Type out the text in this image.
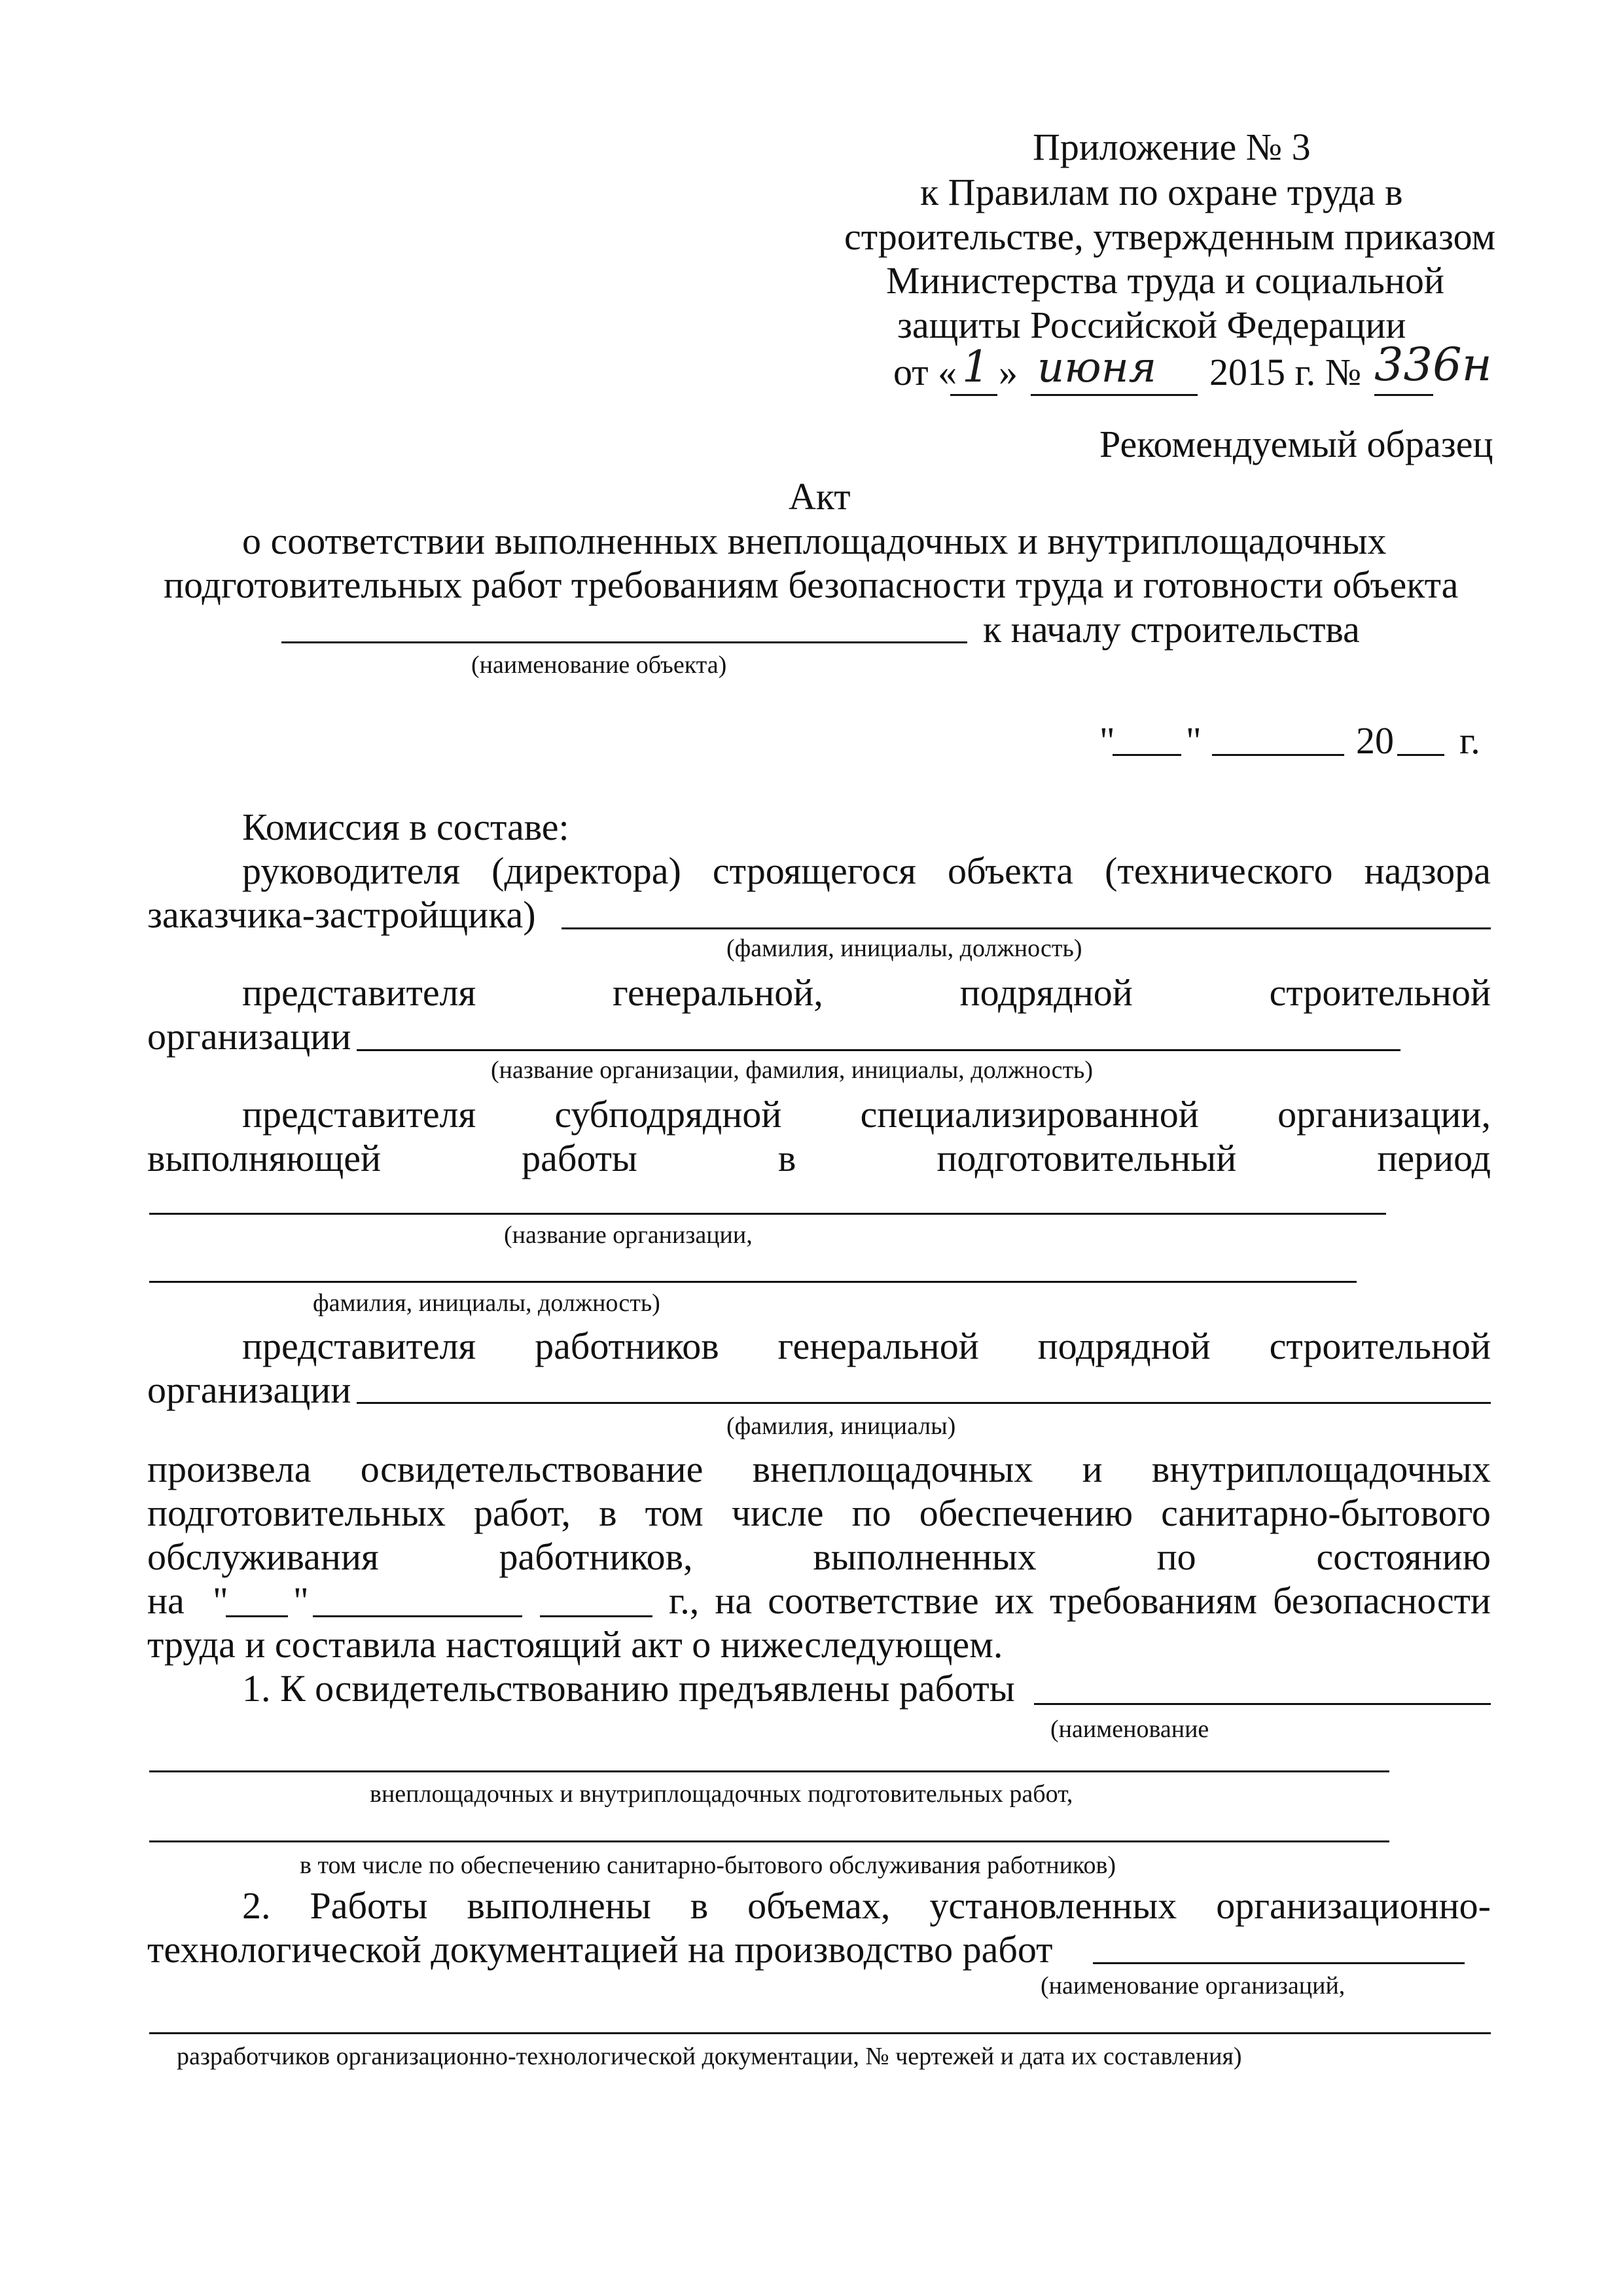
Приложение № 3
к Правилам по охране труда в
строительстве, утвержденным приказом
Министерства труда и социальной
защиты Российской Федерации
от « 1 » июня 2015 г. № 336н
Рекомендуемый образец
Акт
о соответствии выполненных внеплощадочных и внутриплощадочных
подготовительных работ требованиям безопасности труда и готовности объекта
к началу строительства
(наименование объекта)
" "	20 г.
Комиссия в составе:
руководителя (директора) строящегося объекта (технического надзора
заказчика-застройщика)
(фамилия, инициалы, должность)
представителя	генеральной,	подрядной	строительной
организации
(название организации, фамилия, инициалы, должность)
представителя субподрядной специализированной организации,
выполняющей	работы	в	подготовительный	период
(название организации,
фамилия, инициалы, должность)
представителя работников генеральной подрядной строительной
организации
(фамилия, инициалы)
произвела освидетельствование внеплощадочных и внутриплощадочных
подготовительных работ, в том числе по обеспечению санитарно-бытового
обслуживания	работников,	выполненных	по	состоянию
на " "	г., на соответствие их требованиям безопасности
труда и составила настоящий акт о нижеследующем.
1. К освидетельствованию предъявлены работы
(наименование
внеплощадочных и внутриплощадочных подготовительных работ,
в том числе по обеспечению санитарно-бытового обслуживания работников)
2. Работы выполнены в объемах, установленных организационно-
технологической документацией на производство работ
(наименование организаций,
разработчиков организационно-технологической документации, № чертежей и дата их составления)
